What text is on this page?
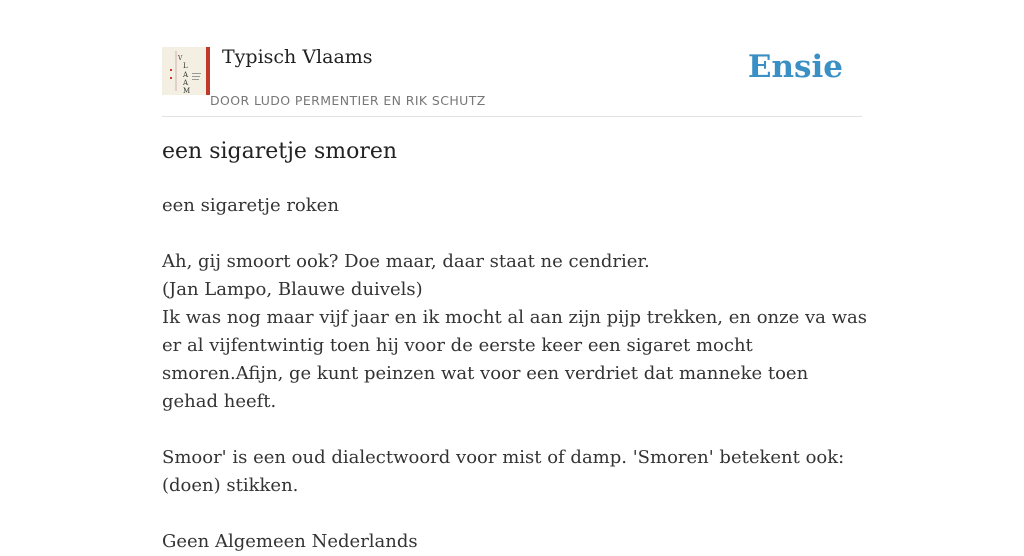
V
L
A
A
M
Typisch Vlaams
DOOR LUDO PERMENTIER EN RIK SCHUTZ
Ensie
een sigaretje smoren

een sigaretje roken

Ah, gij smoort ook? Doe maar, daar staat ne cendrier.

(Jan Lampo, Blauwe duivels)

Ik was nog maar vijf jaar en ik mocht al aan zijn pijp trekken, en onze va was er al vijfentwintig toen hij voor de eerste keer een sigaret mocht smoren.Afijn, ge kunt peinzen wat voor een verdriet dat manneke toen gehad heeft.

Smoor' is een oud dialectwoord voor mist of damp. 'Smoren' betekent ook: (doen) stikken.

Geen Algemeen Nederlands
